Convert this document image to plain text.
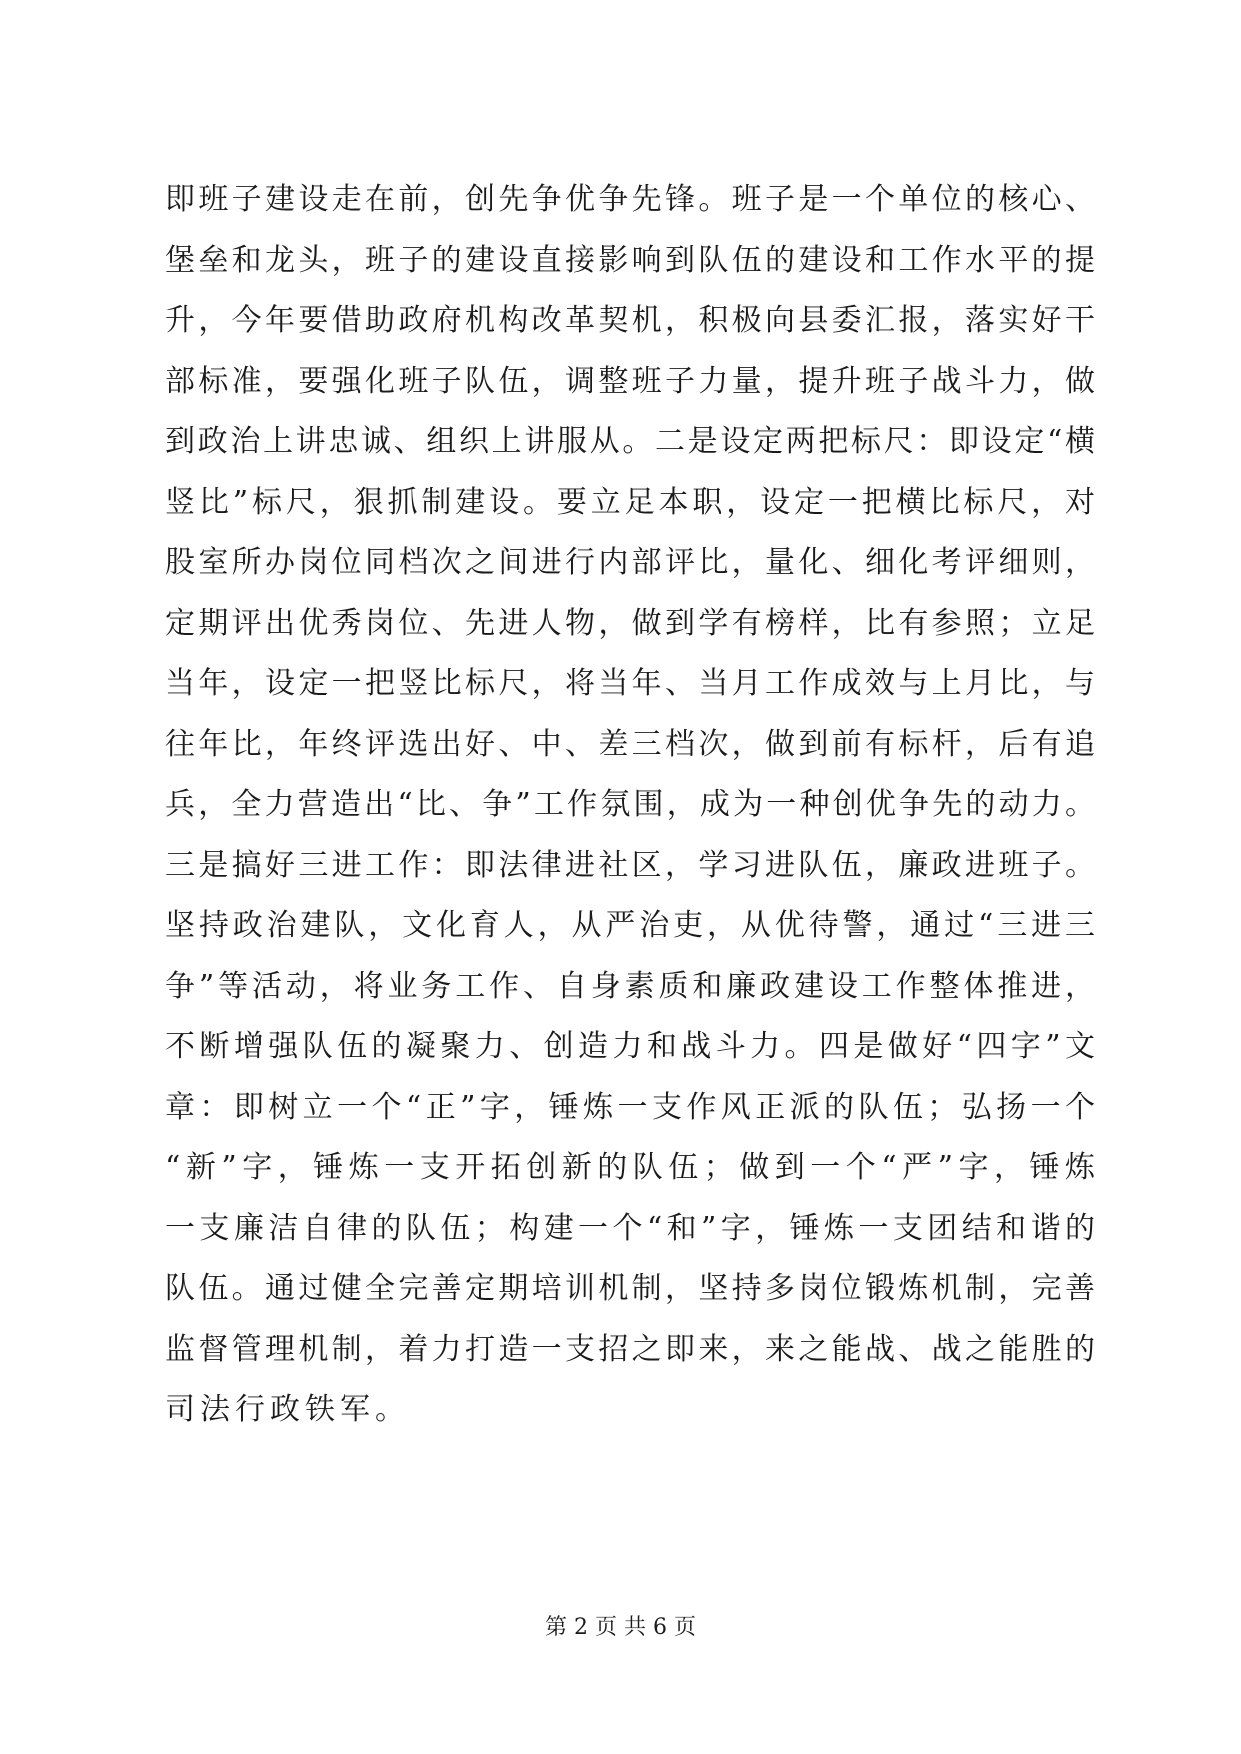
即班子建设走在前，创先争优争先锋。班子是一个单位的核心、
堡垒和龙头，班子的建设直接影响到队伍的建设和工作水平的提
升，今年要借助政府机构改革契机，积极向县委汇报，落实好干
部标准，要强化班子队伍，调整班子力量，提升班子战斗力，做
到政治上讲忠诚、组织上讲服从。二是设定两把标尺：即设定“横
竖比”标尺，狠抓制建设。要立足本职，设定一把横比标尺，对
股室所办岗位同档次之间进行内部评比，量化、细化考评细则，
定期评出优秀岗位、先进人物，做到学有榜样，比有参照；立足
当年，设定一把竖比标尺，将当年、当月工作成效与上月比，与
往年比，年终评选出好、中、差三档次，做到前有标杆，后有追
兵，全力营造出“比、争”工作氛围，成为一种创优争先的动力。
三是搞好三进工作：即法律进社区，学习进队伍，廉政进班子。
坚持政治建队，文化育人，从严治吏，从优待警，通过“三进三
争”等活动，将业务工作、自身素质和廉政建设工作整体推进，
不断增强队伍的凝聚力、创造力和战斗力。四是做好“四字”文
章：即树立一个“正”字，锤炼一支作风正派的队伍；弘扬一个
“新”字，锤炼一支开拓创新的队伍；做到一个“严”字，锤炼
一支廉洁自律的队伍；构建一个“和”字，锤炼一支团结和谐的
队伍。通过健全完善定期培训机制，坚持多岗位锻炼机制，完善
监督管理机制，着力打造一支招之即来，来之能战、战之能胜的
司法行政铁军。
第 2 页 共 6 页
